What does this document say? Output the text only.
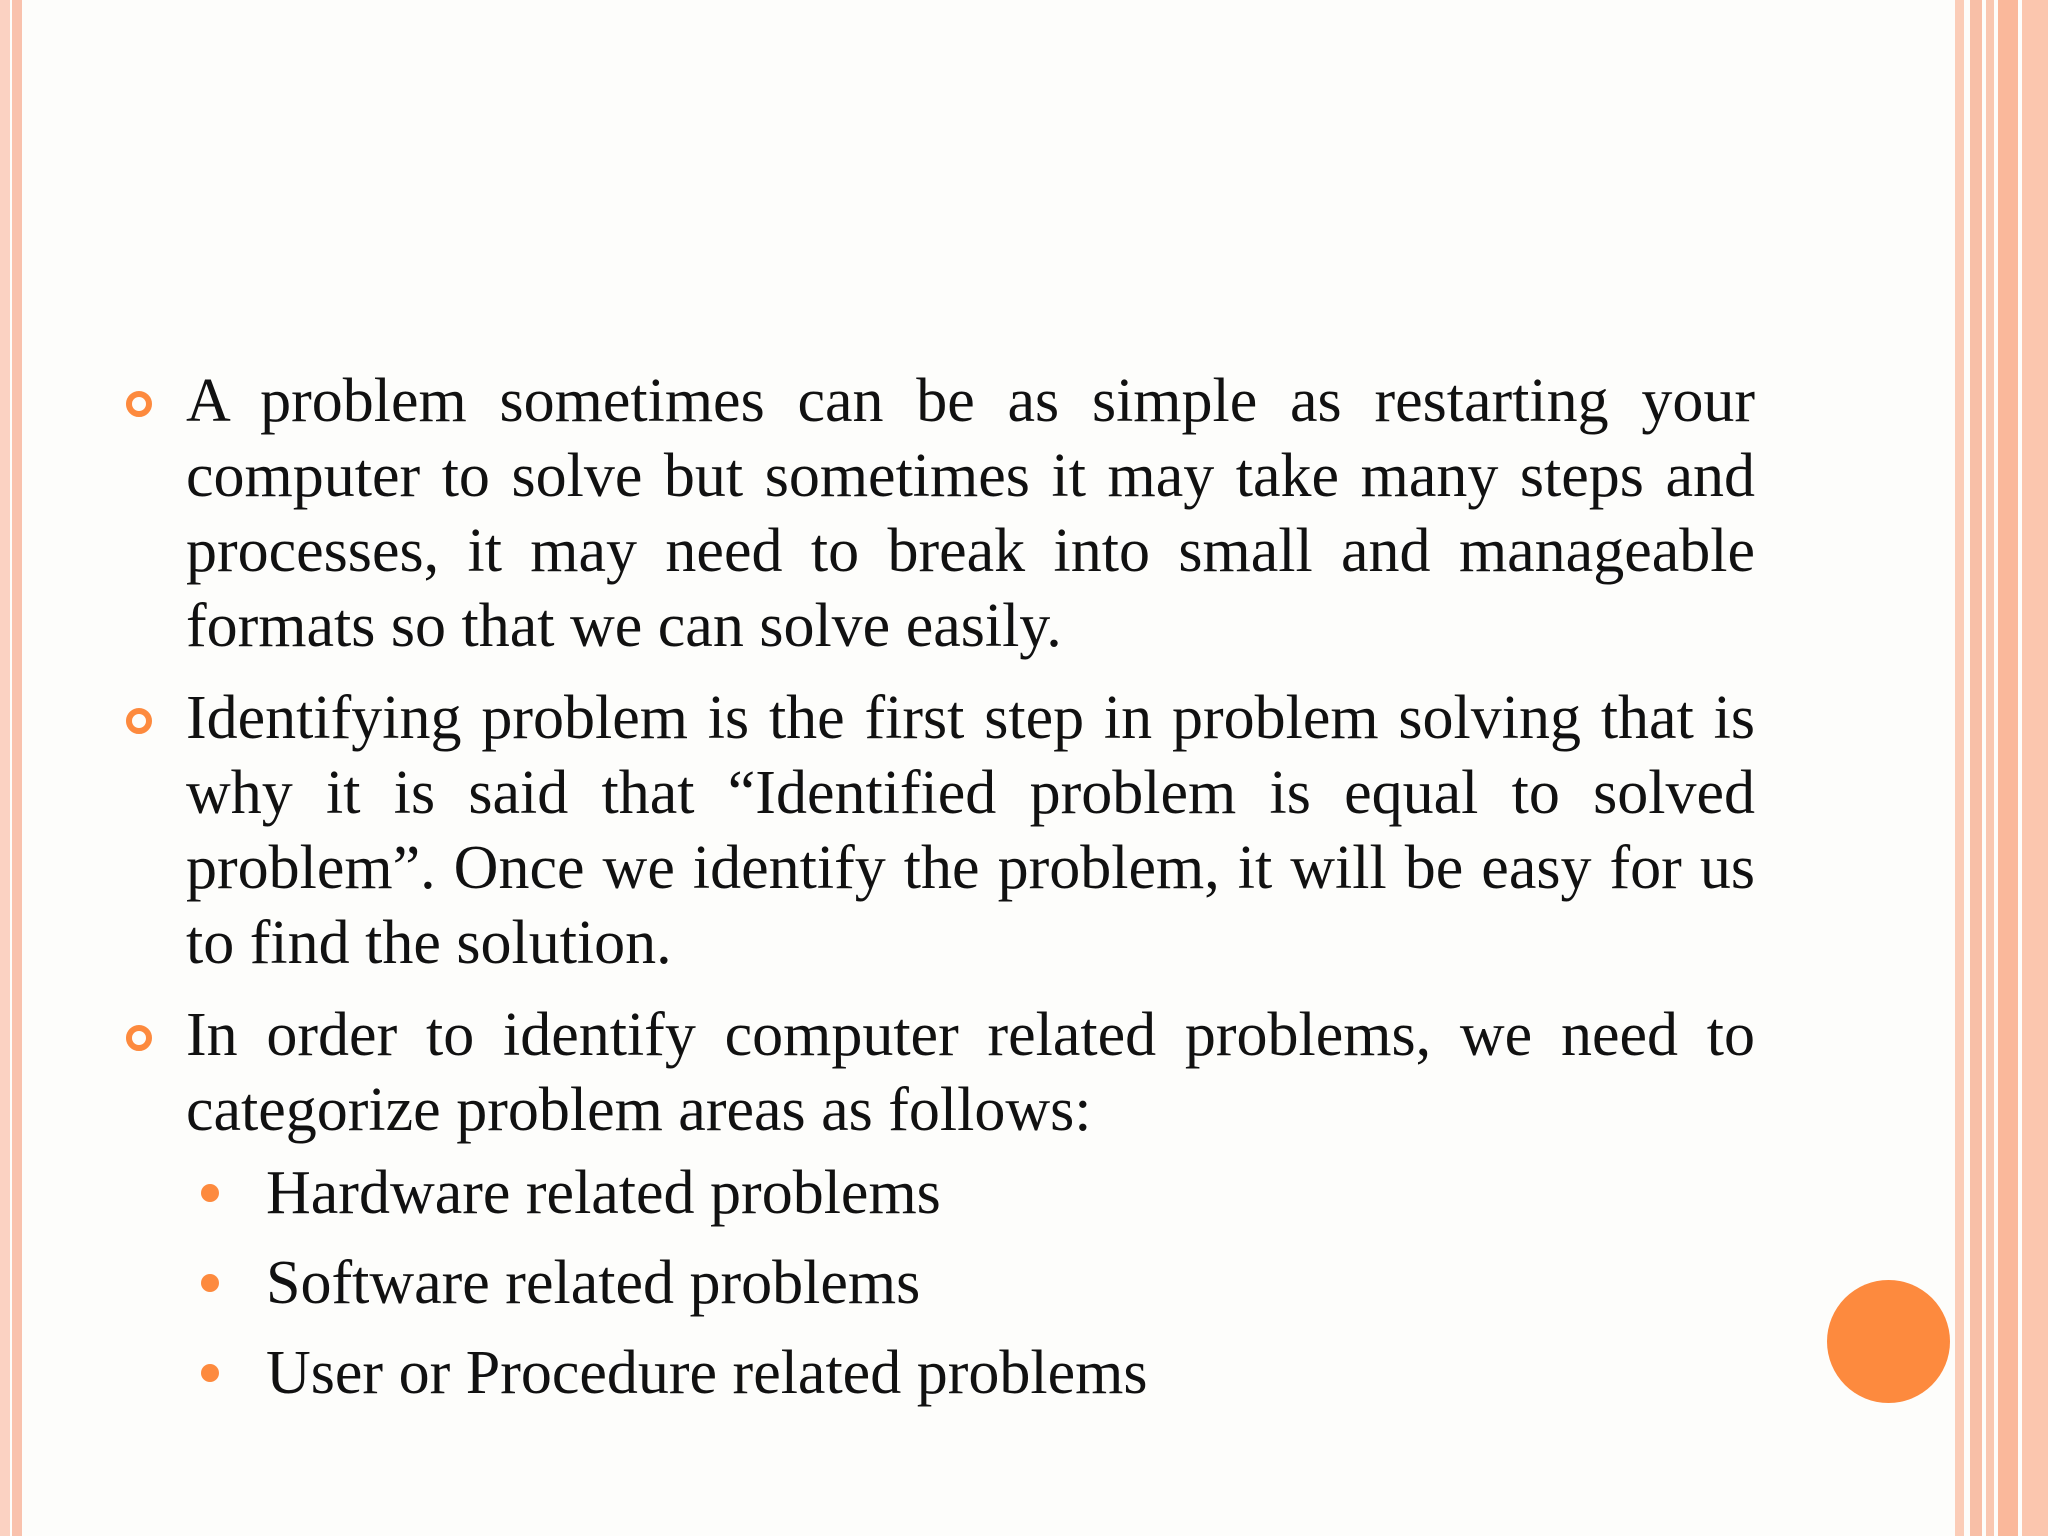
A problem sometimes can be as simple as restarting your computer to solve but sometimes it may take many steps and processes, it may need to break into small and manageable formats so that we can solve easily.
Identifying problem is the first step in problem solving that is why it is said that “Identified problem is equal to solved problem”. Once we identify the problem, it will be easy for us to find the solution.
In order to identify computer related problems, we need to categorize problem areas as follows:
Hardware related problems
Software related problems
User or Procedure related problems
